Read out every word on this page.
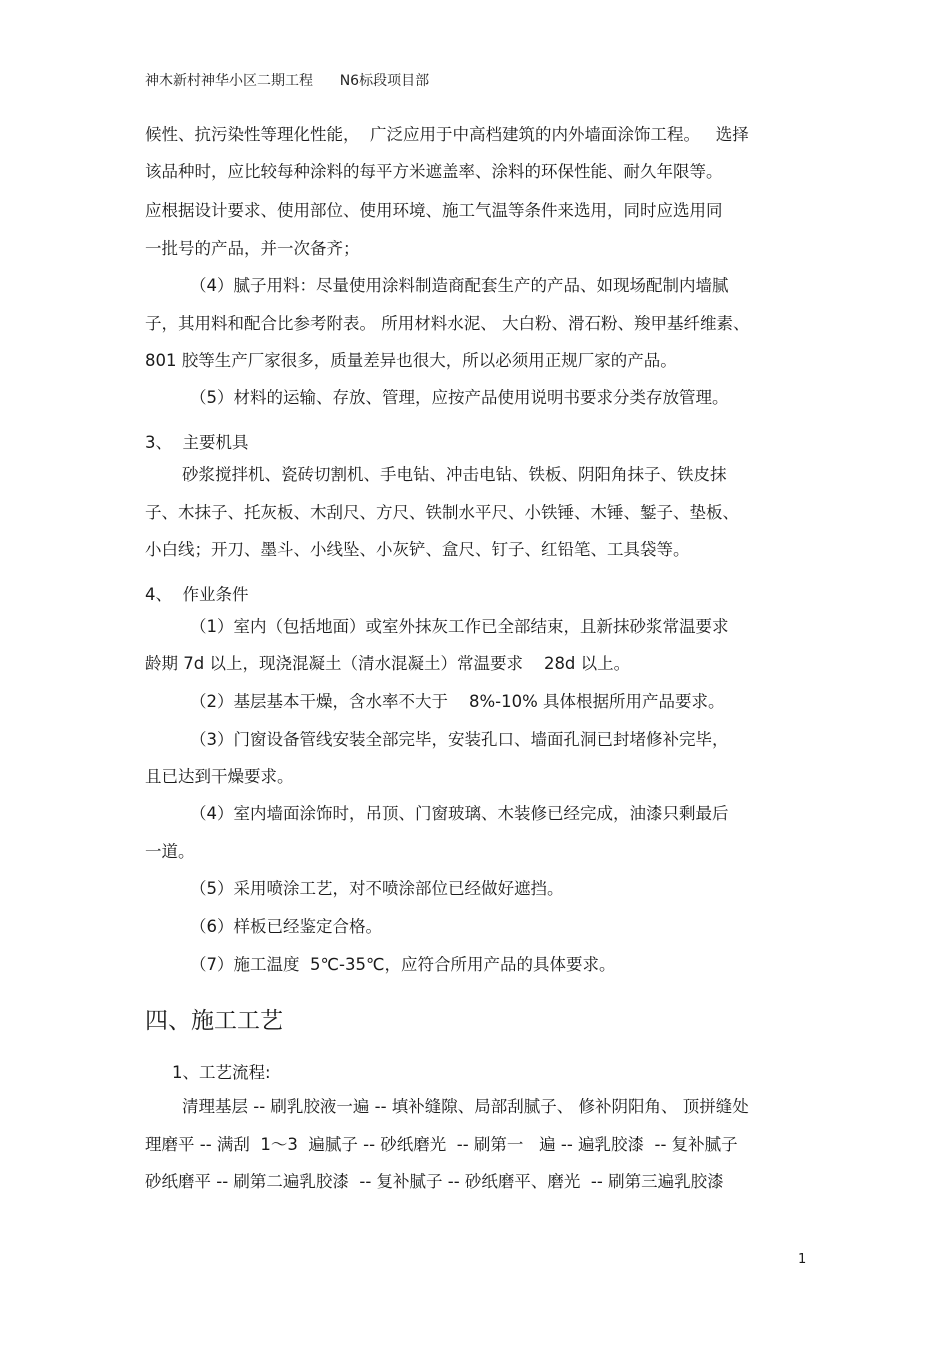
神木新村神华小区二期工程      N6标段项目部
候性、抗污染性等理化性能，  广泛应用于中高档建筑的内外墙面涂饰工程。   选择
该品种时，应比较每种涂料的每平方米遮盖率、涂料的环保性能、耐久年限等。
应根据设计要求、使用部位、使用环境、施工气温等条件来选用，同时应选用同
一批号的产品，并一次备齐；
（4）腻子用料：尽量使用涂料制造商配套生产的产品、如现场配制内墙腻
子，其用料和配合比参考附表。 所用材料水泥、 大白粉、滑石粉、羧甲基纤维素、
801 胶等生产厂家很多，质量差异也很大，所以必须用正规厂家的产品。
（5）材料的运输、存放、管理，应按产品使用说明书要求分类存放管理。
3、  主要机具
砂浆搅拌机、瓷砖切割机、手电钻、冲击电钻、铁板、阴阳角抹子、铁皮抹
子、木抹子、托灰板、木刮尺、方尺、铁制水平尺、小铁锤、木锤、錾子、垫板、
小白线；开刀、墨斗、小线坠、小灰铲、盒尺、钉子、红铅笔、工具袋等。
4、  作业条件
（1）室内（包括地面）或室外抹灰工作已全部结束，且新抹砂浆常温要求
龄期 7d 以上，现浇混凝土（清水混凝土）常温要求    28d 以上。
（2）基层基本干燥，含水率不大于    8%-10% 具体根据所用产品要求。
（3）门窗设备管线安装全部完毕，安装孔口、墙面孔洞已封堵修补完毕，
且已达到干燥要求。
（4）室内墙面涂饰时，吊顶、门窗玻璃、木装修已经完成，油漆只剩最后
一道。
（5）采用喷涂工艺，对不喷涂部位已经做好遮挡。
（6）样板已经鉴定合格。
（7）施工温度  5℃-35℃，应符合所用产品的具体要求。
四、施工工艺
1、工艺流程:
清理基层 -- 刷乳胶液一遍 -- 填补缝隙、局部刮腻子、 修补阴阳角、 顶拼缝处
理磨平 -- 满刮  1～3  遍腻子 -- 砂纸磨光  -- 刷第一   遍 -- 遍乳胶漆  -- 复补腻子
砂纸磨平 -- 刷第二遍乳胶漆  -- 复补腻子 -- 砂纸磨平、磨光  -- 刷第三遍乳胶漆
1
